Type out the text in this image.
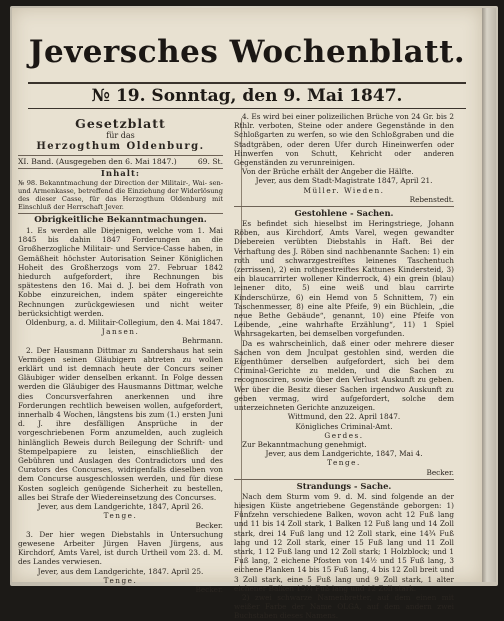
Jeversches Wochenblatt.
№ 19. Sonntag, den 9. Mai 1847.
Gesetzblatt
für das
Herzogthum Oldenburg.
XI. Band. (Ausgegeben den 6. Mai 1847.)	69. St.
Inhalt:
№ 98. Bekanntmachung der Direction der Militair-, Wai- sen- und Armenkasse, betreffend die Einziehung der Widerlösung des dieser Casse, für das Herzogthum Oldenburg mit Einschluß der Herrschaft Jever.
Obrigkeitliche Bekanntmachungen.
1. Es werden alle Diejenigen, welche vom 1. Mai 1845 bis dahin 1847 Forderungen an die Großherzogliche Militair- und Service-Casse haben, in Gemäßheit höchster Autorisation Seiner Königlichen Hoheit des Großherzogs vom 27. Februar 1842 hiedurch aufgefordert, ihre Rechnungen bis spätestens den 16. Mai d. J. bei dem Hofrath von Kobbe einzureichen, indem später eingereichte Rechnungen zurückgewiesen und nicht weiter berücksichtigt werden.
Oldenburg, a. d. Militair-Collegium, den 4. Mai 1847.
Jansen.
Behrmann.
2. Der Hausmann Dittmar zu Sandershaus hat sein Vermögen seinen Gläubigern abtreten zu wollen erklärt und ist demnach heute der Concurs seiner Gläubiger wider denselben erkannt. In Folge dessen werden die Gläubiger des Hausmanns Dittmar, welche dies Concursverfahren anerkennen und ihre Forderungen rechtlich beweisen wollen, aufgefordert, innerhalb 4 Wochen, längstens bis zum (1.) ersten Juni d. J. ihre desfälligen Ansprüche in der vorgeschriebenen Form anzumelden, auch zugleich hinlänglich Beweis durch Beilegung der Schrift- und Stempelpapiere zu leisten, einschließlich der Gebühren und Auslagen des Contradictors und des Curators des Concurses, widrigenfalls dieselben von dem Concurse ausgeschlossen werden, und für diese Kosten sogleich genügende Sicherheit zu bestellen, alles bei Strafe der Wiedereinsetzung des Concurses.
Jever, aus dem Landgerichte, 1847, April 26.
Tenge.
Becker.
3. Der hier wegen Diebstahls in Untersuchung gewesene Arbeiter Jürgen Haven Jürgens, aus Kirchdorf, Amts Varel, ist durch Urtheil vom 23. d. M. des Landes verwiesen.
Jever, aus dem Landgerichte, 1847. April 25.
Tenge.
Becker.
4. Es wird bei einer polizeilichen Brüche von 24 Gr. bis 2 Rthlr. verboten, Steine oder andere Gegenstände in den Schloßgarten zu werfen, so wie den Schloßgraben und die Stadtgräben, oder deren Ufer durch Hineinwerfen oder Hinwerfen von Schutt, Kehricht oder anderen Gegenständen zu verunreinigen.
Von der Brüche erhält der Angeber die Hälfte.
Jever, aus dem Stadt-Magistrate 1847, April 21.
Müller. Wieden.
Rebenstedt.
Gestohlene - Sachen.
Es befindet sich hieselbst im Heringstriege, Johann Röben, aus Kirchdorf, Amts Varel, wegen gewandter Diebereien verübten Diebstahls in Haft. Bei der Verhaftung des J. Röben sind nachbenannte Sachen: 1) ein roth und schwarzgestreiftes leinenes Taschentuch (zerrissen), 2) ein rothgestreiftes Kattunes Kindersteid, 3) ein blaucarrirter wollener Kinderrock, 4) ein grein (blau) leinener dito, 5) eine weiß und blau carrirte Kinderschürze, 6) ein Hemd von 5 Schnittem, 7) ein Taschenmesser, 8) eine alte Pfeife, 9) ein Büchlein, „die neue Bethe Gebäude“, genannt, 10) eine Pfeife von Leibende, „eine wahrhafte Erzählung“, 11) 1 Spiel Wahrsagekarten, bei demselben vorgefunden.
Da es wahrscheinlich, daß einer oder mehrere dieser Sachen von dem Jnculpat gestohlen sind, werden die Eigenthümer derselben aufgefordert, sich bei dem Criminal-Gerichte zu melden, und die Sachen zu recognosciren, sowie über den Verlust Auskunft zu geben. Wer über die Besitz dieser Sachen irgendwo Auskunft zu geben vermag, wird aufgefordert, solche dem unterzeichneten Gerichte anzuzeigen.
Wittmund, den 22. April 1847.
Königliches Criminal-Amt.
Gerdes.
Zur Bekanntmachung genehmigt.
Jever, aus dem Landgerichte, 1847, Mai 4.
Tenge.
Becker.
Strandungs - Sache.
Nach dem Sturm vom 9. d. M. sind folgende an der hiesigen Küste angetriebene Gegenstände geborgen: 1) Fünfzehn verschiedene Balken, wovon acht 12 Fuß lang und 11 bis 14 Zoll stark, 1 Balken 12 Fuß lang und 14 Zoll stark, drei 14 Fuß lang und 12 Zoll stark, eine 14¾ Fuß lang und 12 Zoll stark, einer 15 Fuß lang und 11 Zoll stark, 1 12 Fuß lang und 12 Zoll stark; 1 Holzblock; und 1 Fuß lang, 2 eichene Pfosten von 14½ und 15 Fuß lang, 3 eichene Planken 14 bis 15 Fuß lang, 4 bis 12 Zoll breit und 3 Zoll stark, eine 5 Fuß lang und 9 Zoll stark, 1 alter eichener Balken 15¾ Fuß lang und 12 Zoll stark.
2) zwei schwarze Namenbretter, auf dem einen mit weißer Farbe der Name OLGA, auf dem andern zwei Buchstaben dieses Namens.
